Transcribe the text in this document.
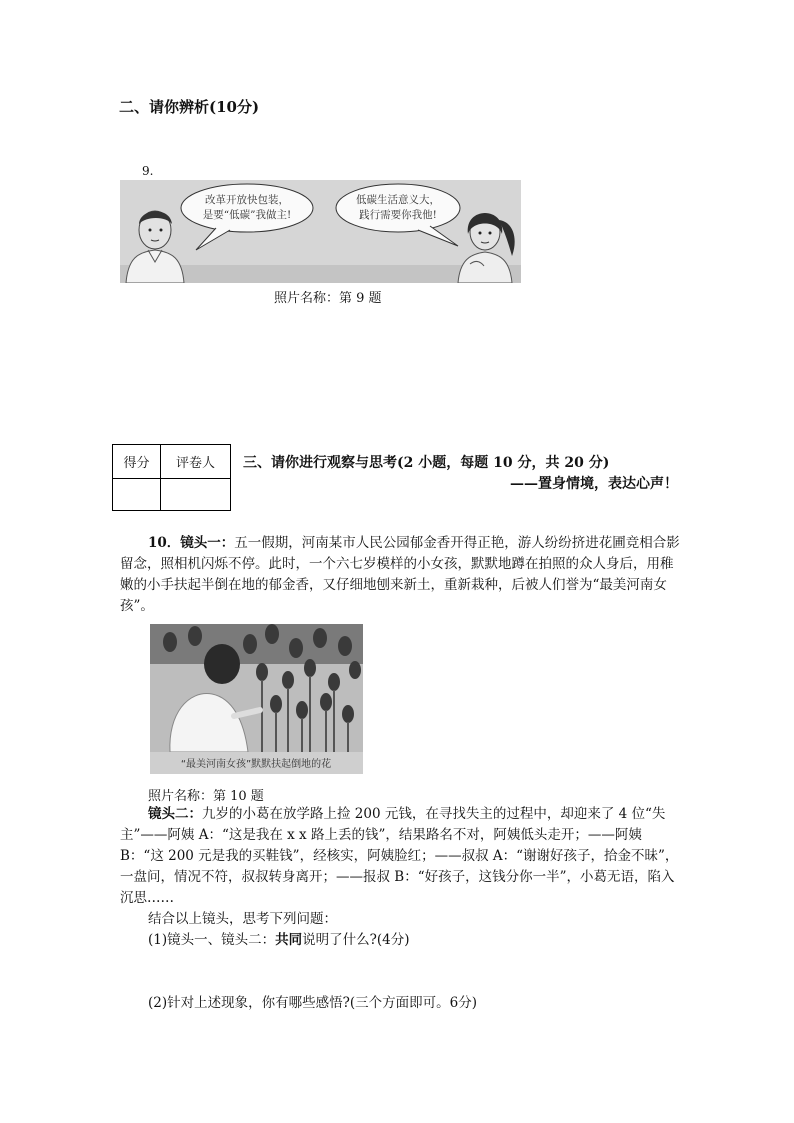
二、请你辨析(10分)
9.
改革开放快包装，
是要“低碳”我做主!
低碳生活意义大，
践行需要你我他!
照片名称：第 9 题
得分	评卷人
	三、请你进行观察与思考(2 小题，每题 10 分，共 20 分)
——置身情境，表达心声！
10．镜头一：五一假期，河南某市人民公园郁金香开得正艳，游人纷纷挤进花圃竞相合影留念，照相机闪烁不停。此时，一个六七岁模样的小女孩，默默地蹲在拍照的众人身后，用稚嫩的小手扶起半倒在地的郁金香，又仔细地刨来新土，重新栽种，后被人们誉为“最美河南女孩”。
“最美河南女孩”默默扶起倒地的花
照片名称：第 10 题
镜头二：九岁的小葛在放学路上捡 200 元钱，在寻找失主的过程中，却迎来了 4 位“失主”——阿姨 A：“这是我在 x x 路上丢的钱”，结果路名不对，阿姨低头走开；——阿姨 B：“这 200 元是我的买鞋钱”，经核实，阿姨脸红；——叔叔 A：“谢谢好孩子，拾金不昧”，一盘问，情况不符，叔叔转身离开；——报叔 B：“好孩子，这钱分你一半”，小葛无语，陷入沉思……
结合以上镜头，思考下列问题：
(1)镜头一、镜头二：共同说明了什么?(4分)
(2)针对上述现象，你有哪些感悟?(三个方面即可。6分)
